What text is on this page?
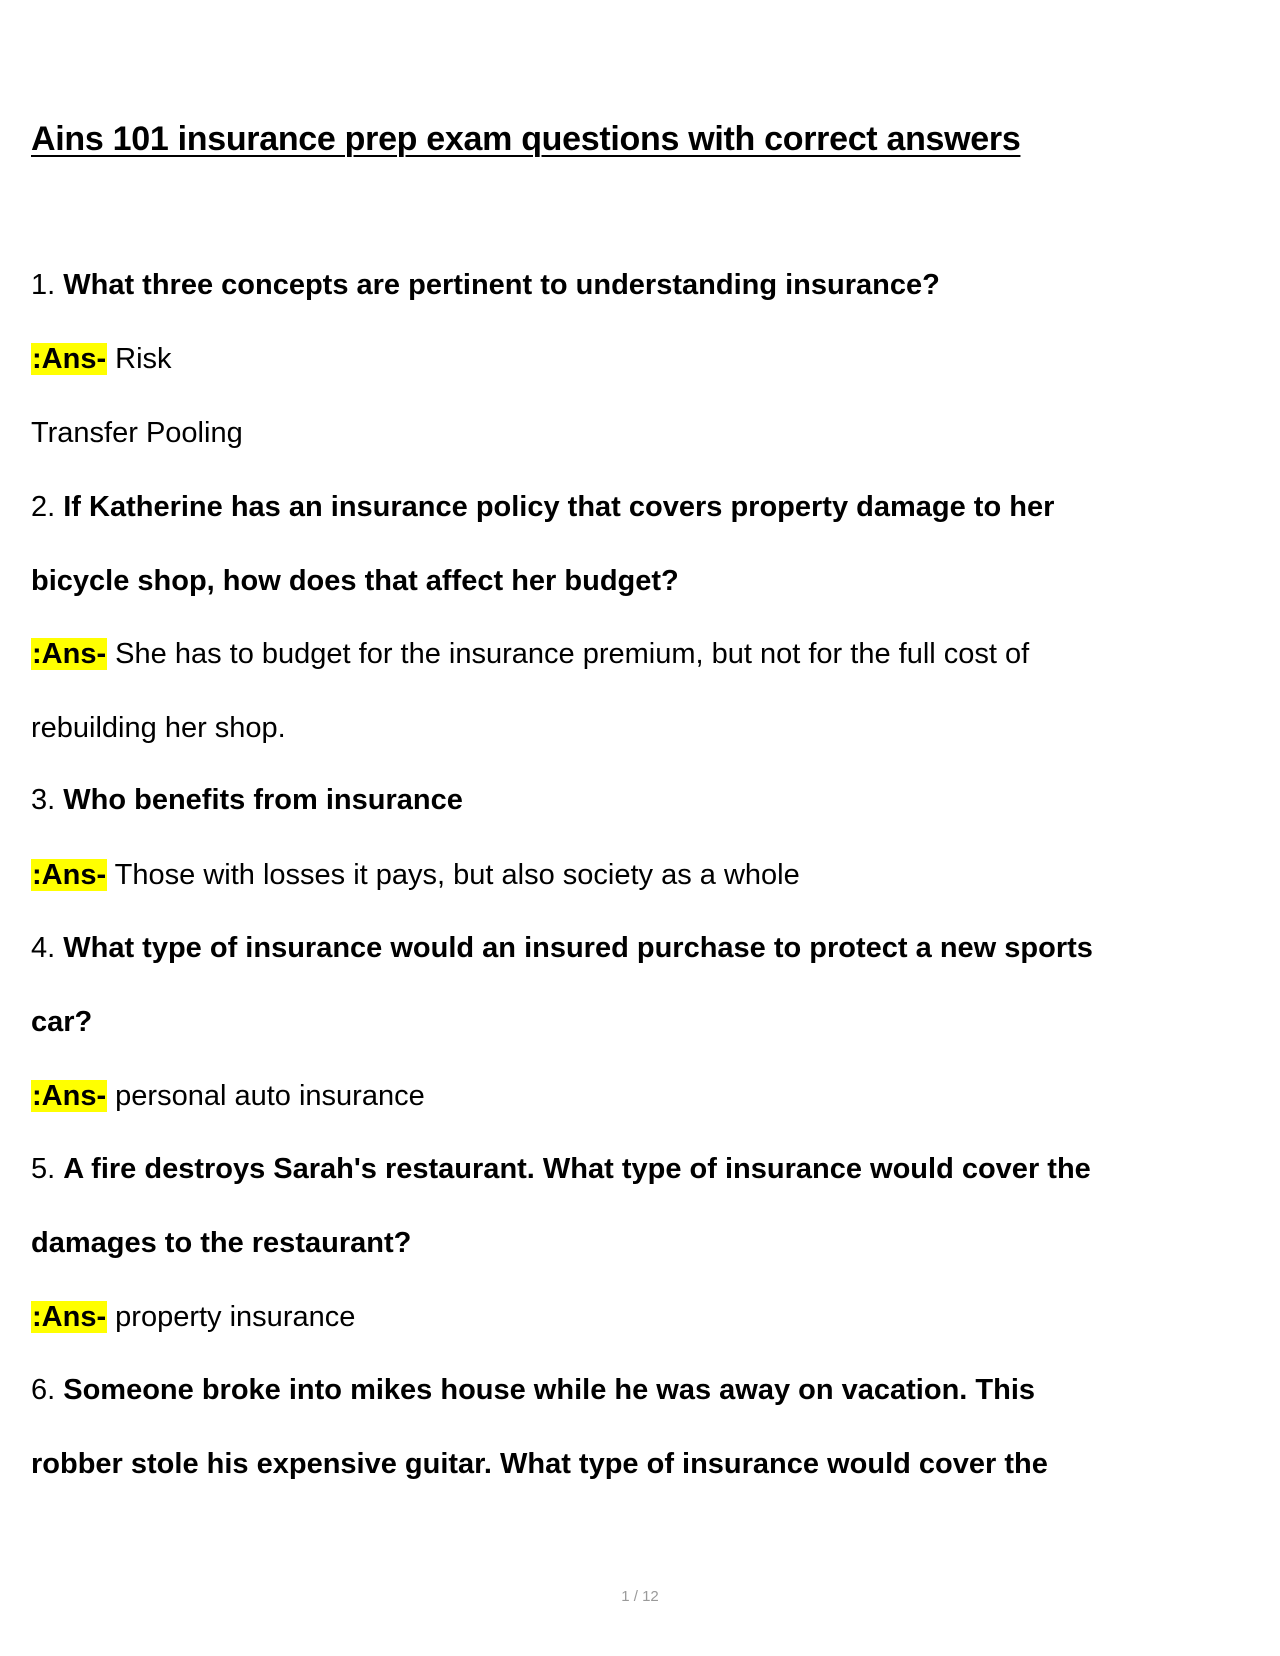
Ains 101 insurance prep exam questions with correct answers
1. What three concepts are pertinent to understanding insurance?
:Ans- Risk
Transfer Pooling
2. If Katherine has an insurance policy that covers property damage to her
bicycle shop, how does that affect her budget?
:Ans- She has to budget for the insurance premium, but not for the full cost of
rebuilding her shop.
3. Who benefits from insurance
:Ans- Those with losses it pays, but also society as a whole
4. What type of insurance would an insured purchase to protect a new sports
car?
:Ans- personal auto insurance
5. A fire destroys Sarah's restaurant. What type of insurance would cover the
damages to the restaurant?
:Ans- property insurance
6. Someone broke into mikes house while he was away on vacation. This
robber stole his expensive guitar. What type of insurance would cover the
1 / 12
